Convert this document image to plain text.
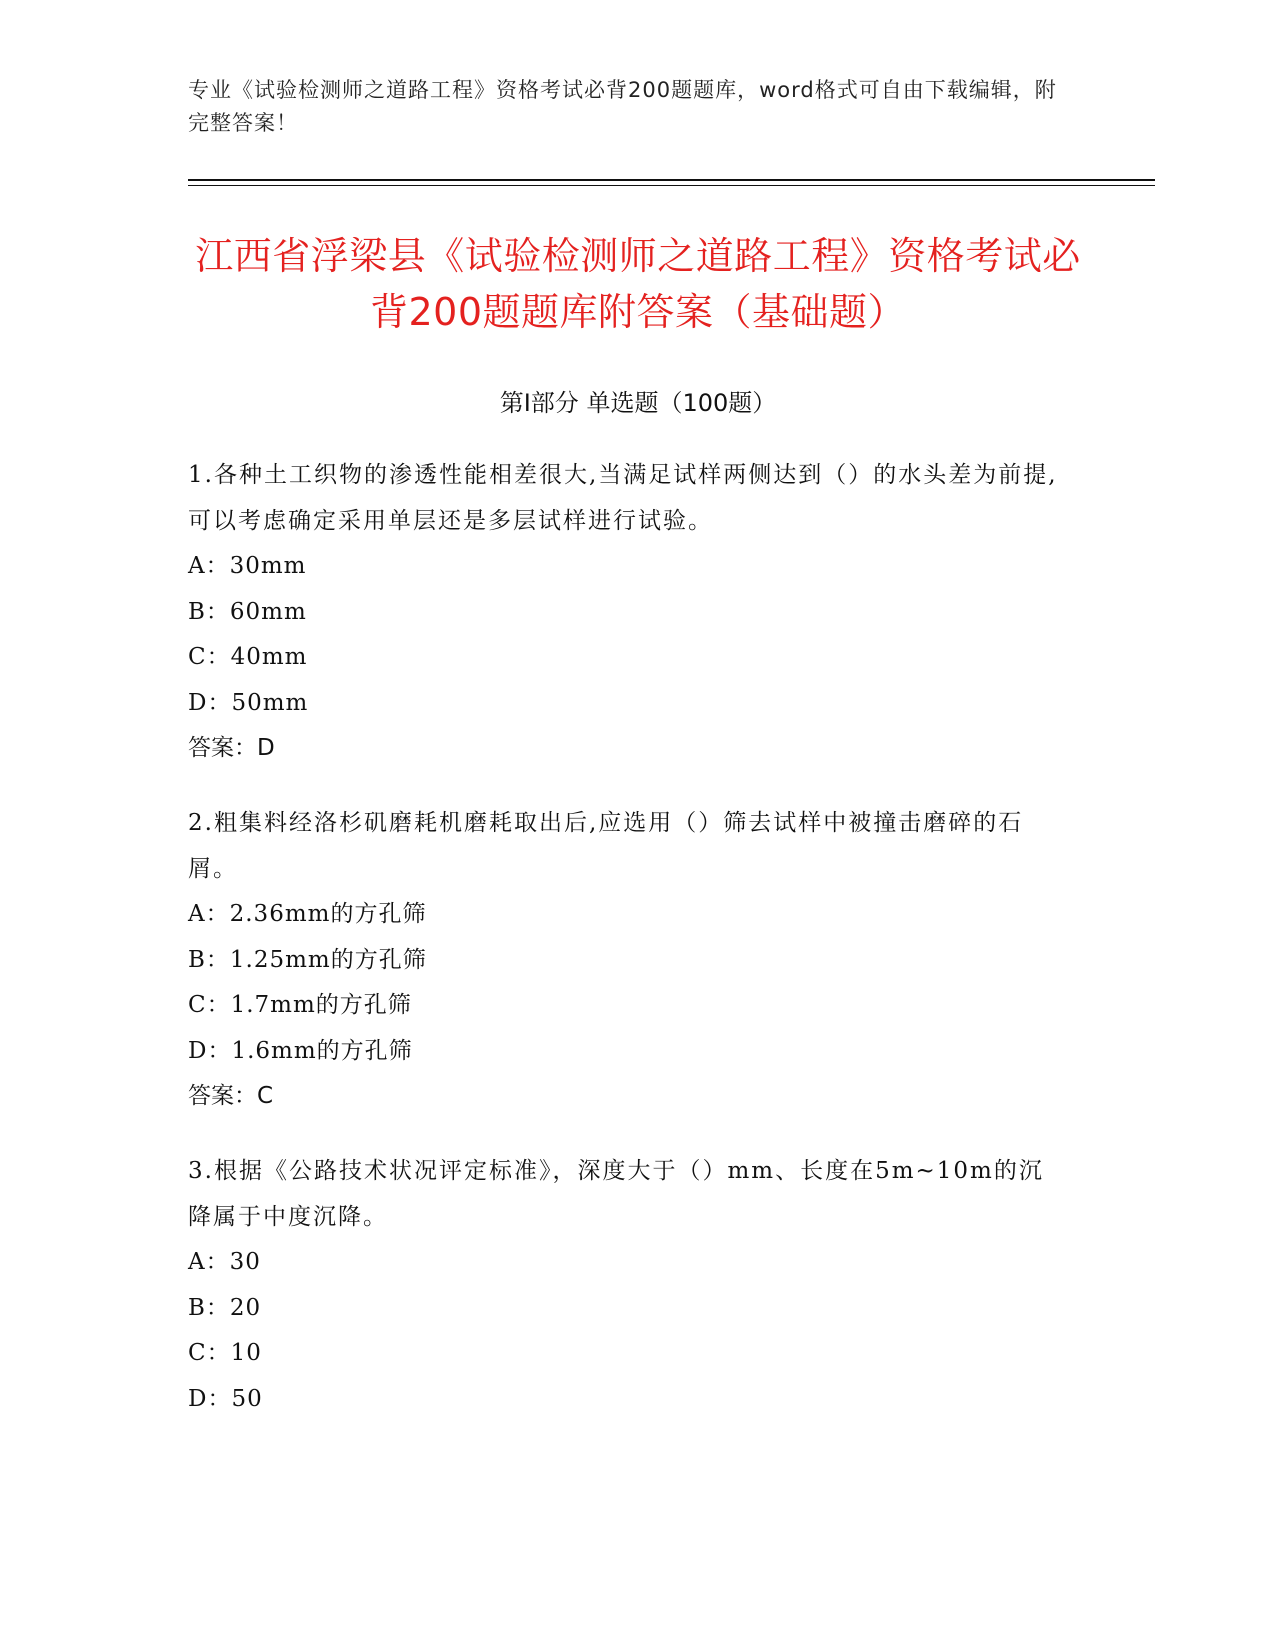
专业《试验检测师之道路工程》资格考试必背200题题库，word格式可自由下载编辑，附完整答案！
江西省浮梁县《试验检测师之道路工程》资格考试必背200题题库附答案（基础题）
第I部分 单选题（100题）
1.各种土工织物的渗透性能相差很大,当满足试样两侧达到（）的水头差为前提,可以考虑确定采用单层还是多层试样进行试验。
A：30mm
B：60mm
C：40mm
D：50mm
答案：D
2.粗集料经洛杉矶磨耗机磨耗取出后,应选用（）筛去试样中被撞击磨碎的石屑。
A：2.36mm的方孔筛
B：1.25mm的方孔筛
C：1.7mm的方孔筛
D：1.6mm的方孔筛
答案：C
3.根据《公路技术状况评定标准》，深度大于（）mm、长度在5m~10m的沉降属于中度沉降。
A：30
B：20
C：10
D：50
